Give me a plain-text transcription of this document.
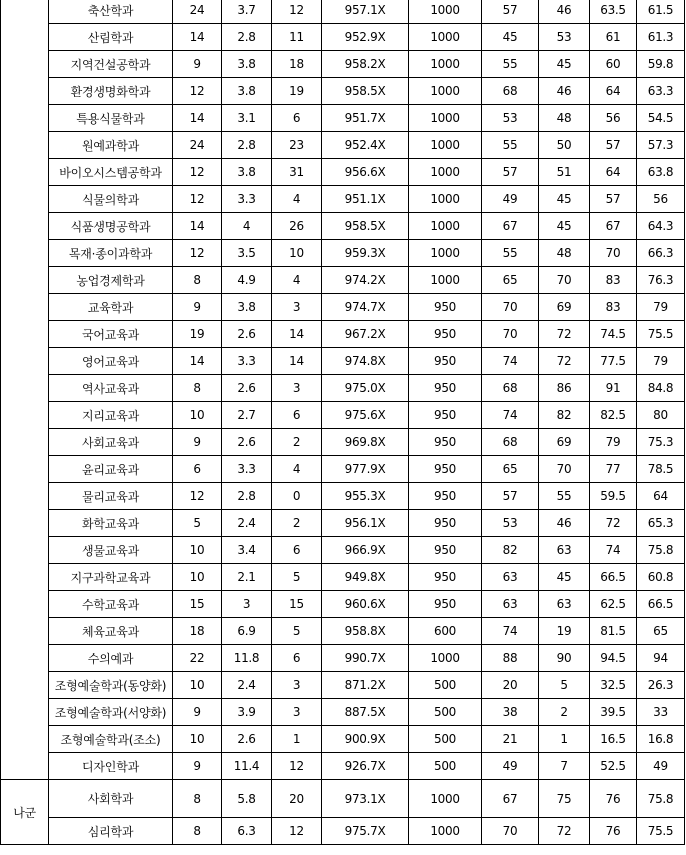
	축산학과	24	3.7	12	957.1X	1000	57	46	63.5	61.5
	산림학과	14	2.8	11	952.9X	1000	45	53	61	61.3
	지역건설공학과	9	3.8	18	958.2X	1000	55	45	60	59.8
	환경생명화학과	12	3.8	19	958.5X	1000	68	46	64	63.3
	특용식물학과	14	3.1	6	951.7X	1000	53	48	56	54.5
	원예과학과	24	2.8	23	952.4X	1000	55	50	57	57.3
	바이오시스템공학과	12	3.8	31	956.6X	1000	57	51	64	63.8
	식물의학과	12	3.3	4	951.1X	1000	49	45	57	56
	식품생명공학과	14	4	26	958.5X	1000	67	45	67	64.3
	목재·종이과학과	12	3.5	10	959.3X	1000	55	48	70	66.3
	농업경제학과	8	4.9	4	974.2X	1000	65	70	83	76.3
	교육학과	9	3.8	3	974.7X	950	70	69	83	79
	국어교육과	19	2.6	14	967.2X	950	70	72	74.5	75.5
	영어교육과	14	3.3	14	974.8X	950	74	72	77.5	79
	역사교육과	8	2.6	3	975.0X	950	68	86	91	84.8
	지리교육과	10	2.7	6	975.6X	950	74	82	82.5	80
	사회교육과	9	2.6	2	969.8X	950	68	69	79	75.3
	윤리교육과	6	3.3	4	977.9X	950	65	70	77	78.5
	물리교육과	12	2.8	0	955.3X	950	57	55	59.5	64
	화학교육과	5	2.4	2	956.1X	950	53	46	72	65.3
	생물교육과	10	3.4	6	966.9X	950	82	63	74	75.8
	지구과학교육과	10	2.1	5	949.8X	950	63	45	66.5	60.8
	수학교육과	15	3	15	960.6X	950	63	63	62.5	66.5
	체육교육과	18	6.9	5	958.8X	600	74	19	81.5	65
	수의예과	22	11.8	6	990.7X	1000	88	90	94.5	94
	조형예술학과(동양화)	10	2.4	3	871.2X	500	20	5	32.5	26.3
	조형예술학과(서양화)	9	3.9	3	887.5X	500	38	2	39.5	33
	조형예술학과(조소)	10	2.6	1	900.9X	500	21	1	16.5	16.8
	디자인학과	9	11.4	12	926.7X	500	49	7	52.5	49
나군	사회학과	8	5.8	20	973.1X	1000	67	75	76	75.8
	심리학과	8	6.3	12	975.7X	1000	70	72	76	75.5
